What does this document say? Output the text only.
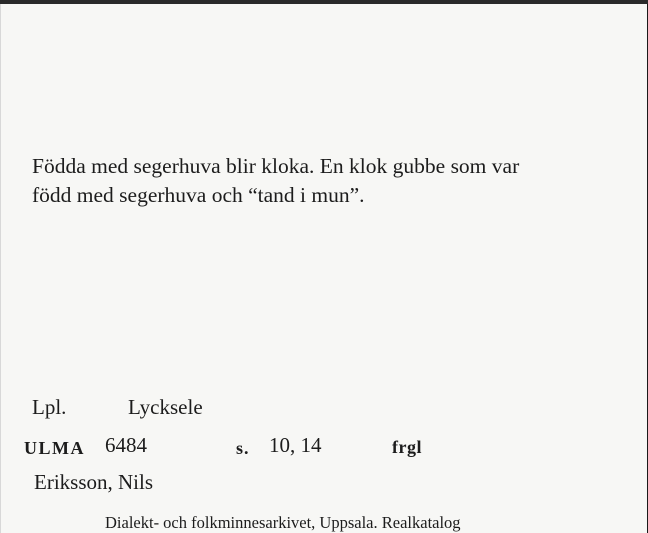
Födda med segerhuva blir kloka. En klok gubbe som var
född med segerhuva och “tand i mun”.
Lpl.	Lycksele
ULMA 6484	s. 10, 14	frgl
Eriksson, Nils
Dialekt- och folkminnesarkivet, Uppsala. Realkatalog
